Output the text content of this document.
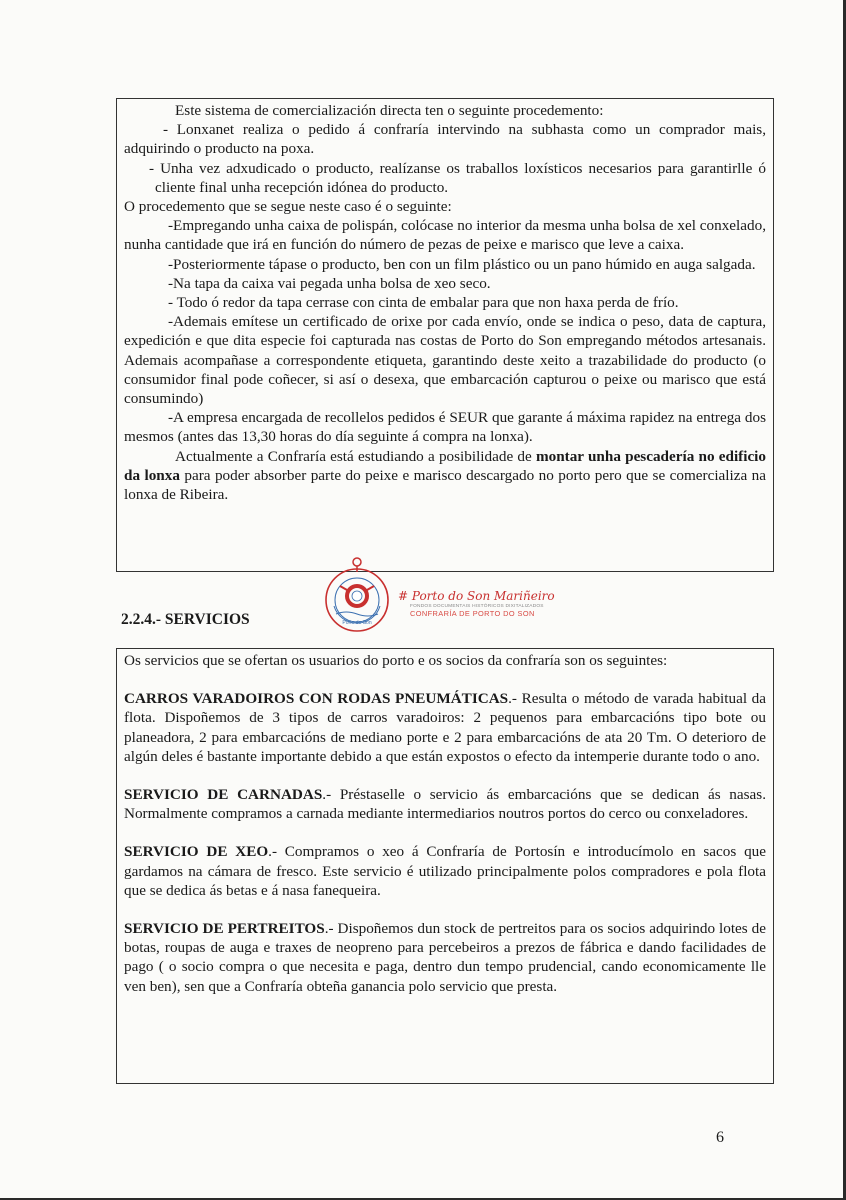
Este sistema de comercialización directa ten o seguinte procedemento:

- Lonxanet realiza o pedido á confraría intervindo na subhasta como un comprador mais, adquirindo o producto na poxa.

- Unha vez adxudicado o producto, realízanse os traballos loxísticos necesarios para garantirlle ó cliente final unha recepción idónea do producto.

O procedemento que se segue neste caso é o seguinte:

-Empregando unha caixa de polispán, colócase no interior da mesma unha bolsa de xel conxelado, nunha cantidade que irá en función do número de pezas de peixe e marisco que leve a caixa.

-Posteriormente tápase o producto, ben con un film plástico ou un pano húmido en auga salgada.

-Na tapa da caixa vai pegada unha bolsa de xeo seco.

- Todo ó redor da tapa cerrase con cinta de embalar para que non haxa perda de frío.

-Ademais emítese un certificado de orixe por cada envío, onde se indica o peso, data de captura, expedición e que dita especie foi capturada nas costas de Porto do Son empregando métodos artesanais. Ademais acompañase a correspondente etiqueta, garantindo deste xeito a trazabilidade do producto (o consumidor final pode coñecer, si así o desexa, que embarcación capturou o peixe ou marisco que está consumindo)

-A empresa encargada de recollelos pedidos é SEUR que garante á máxima rapidez na entrega dos mesmos (antes das 13,30 horas do día seguinte á compra na lonxa).

Actualmente a Confraría está estudiando a posibilidade de montar unha pescadería no edificio da lonxa para poder absorber parte do peixe e marisco descargado no porto pero que se comercializa na lonxa de Ribeira.

2.2.4.- SERVICIOS	Porto do Son
# Porto do Son Mariñeiro
FONDOS DOCUMENTAIS HISTÓRICOS DIXITALIZADOS
CONFRARÍA DE PORTO DO SON

Os servicios que se ofertan os usuarios do porto e os socios da confraría son os seguintes:

CARROS VARADOIROS CON RODAS PNEUMÁTICAS.- Resulta o método de varada habitual da flota. Dispoñemos de 3 tipos de carros varadoiros: 2 pequenos para embarcacións tipo bote ou planeadora, 2 para embarcacións de mediano porte e 2 para embarcacións de ata 20 Tm. O deterioro de algún deles é bastante importante debido a que están expostos o efecto da intemperie durante todo o ano.

SERVICIO DE CARNADAS.- Préstaselle o servicio ás embarcacións que se dedican ás nasas. Normalmente compramos a carnada mediante intermediarios noutros portos do cerco ou conxeladores.

SERVICIO DE XEO.- Compramos o xeo á Confraría de Portosín e introducímolo en sacos que gardamos na cámara de fresco. Este servicio é utilizado principalmente polos compradores e pola flota que se dedica ás betas e á nasa fanequeira.

SERVICIO DE PERTREITOS.- Dispoñemos dun stock de pertreitos para os socios adquirindo lotes de botas, roupas de auga e traxes de neopreno para percebeiros a prezos de fábrica e dando facilidades de pago ( o socio compra o que necesita e paga, dentro dun tempo prudencial, cando economicamente lle ven ben), sen que a Confraría obteña ganancia polo servicio que presta.

6
